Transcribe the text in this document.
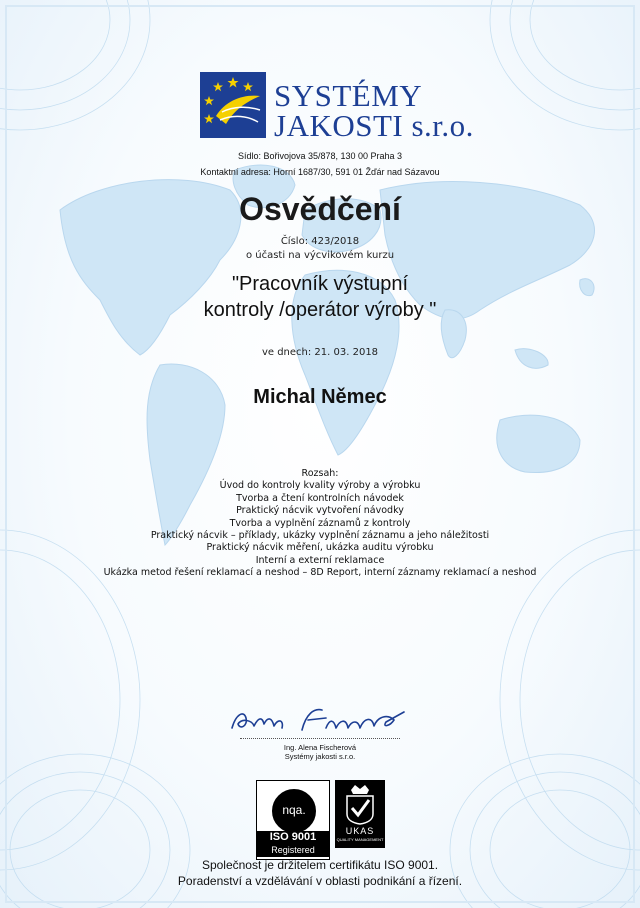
SYSTÉMY
JAKOSTI s.r.o.
®
Sídlo: Bořivojova 35/878, 130 00 Praha 3
Kontaktní adresa: Horní 1687/30, 591 01 Žďár nad Sázavou
Osvědčení
Číslo: 423/2018
o účasti na výcvikovém kurzu
"Pracovník výstupní
kontroly /operátor výroby "
ve dnech: 21. 03. 2018
Michal Němec
Rozsah:
Úvod do kontroly kvality výroby a výrobku
Tvorba a čtení kontrolních návodek
Praktický nácvik vytvoření návodky
Tvorba a vyplnění záznamů z kontroly
Praktický nácvik – příklady, ukázky vyplnění záznamu a jeho náležitosti
Praktický nácvik měření, ukázka auditu výrobku
Interní a externí reklamace
Ukázka metod řešení reklamací a neshod – 8D Report, interní záznamy reklamací a neshod
Ing. Alena Fischerová
Systémy jakosti s.r.o.
nqa.
ISO 9001
Registered
UKAS
QUALITY MANAGEMENT
Společnost je držitelem certifikátu ISO 9001.
Poradenství a vzdělávání v oblasti podnikání a řízení.
